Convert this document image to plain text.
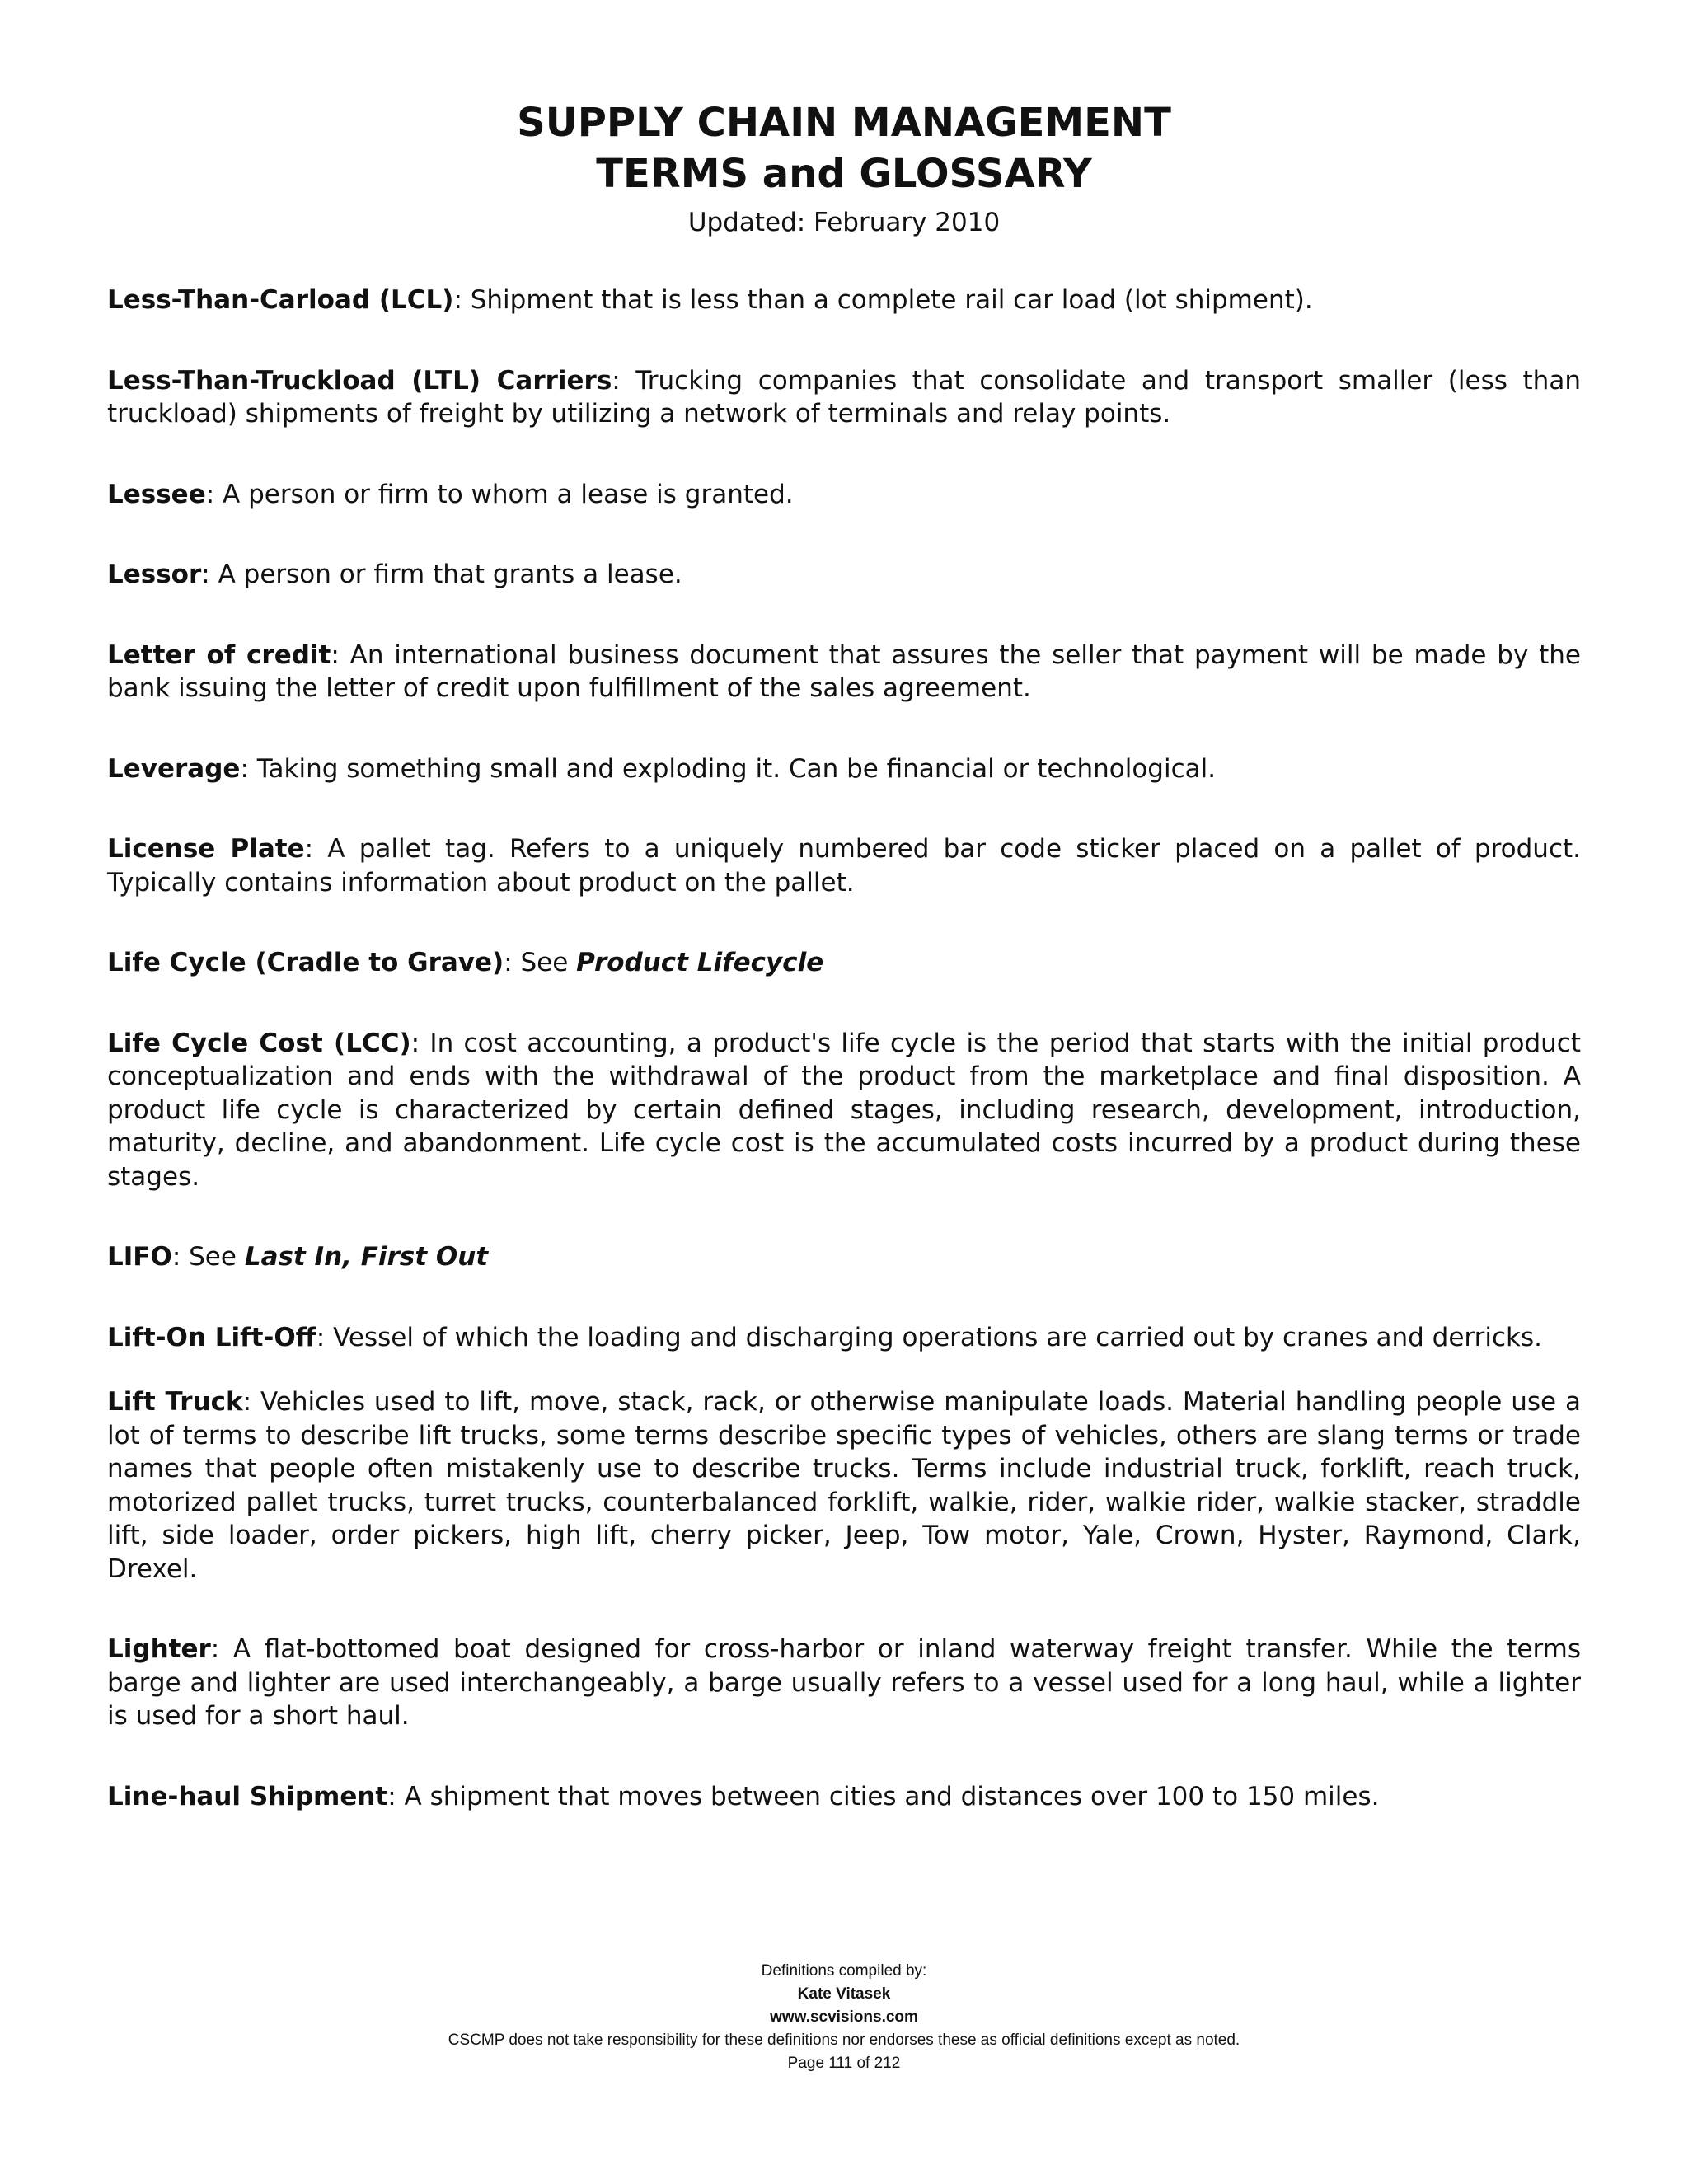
SUPPLY CHAIN MANAGEMENT
TERMS and GLOSSARY
Updated: February 2010

Less-Than-Carload (LCL): Shipment that is less than a complete rail car load (lot shipment).

Less-Than-Truckload (LTL) Carriers: Trucking companies that consolidate and transport smaller (less than truckload) shipments of freight by utilizing a network of terminals and relay points.

Lessee: A person or firm to whom a lease is granted.

Lessor: A person or firm that grants a lease.

Letter of credit: An international business document that assures the seller that payment will be made by the bank issuing the letter of credit upon fulfillment of the sales agreement.

Leverage: Taking something small and exploding it. Can be financial or technological.

License Plate: A pallet tag. Refers to a uniquely numbered bar code sticker placed on a pallet of product. Typically contains information about product on the pallet.

Life Cycle (Cradle to Grave): See Product Lifecycle

Life Cycle Cost (LCC): In cost accounting, a product's life cycle is the period that starts with the initial product conceptualization and ends with the withdrawal of the product from the marketplace and final disposition. A product life cycle is characterized by certain defined stages, including research, development, introduction, maturity, decline, and abandonment. Life cycle cost is the accumulated costs incurred by a product during these stages.

LIFO: See Last In, First Out

Lift-On Lift-Off: Vessel of which the loading and discharging operations are carried out by cranes and derricks.

Lift Truck: Vehicles used to lift, move, stack, rack, or otherwise manipulate loads. Material handling people use a lot of terms to describe lift trucks, some terms describe specific types of vehicles, others are slang terms or trade names that people often mistakenly use to describe trucks. Terms include industrial truck, forklift, reach truck, motorized pallet trucks, turret trucks, counterbalanced forklift, walkie, rider, walkie rider, walkie stacker, straddle lift, side loader, order pickers, high lift, cherry picker, Jeep, Tow motor, Yale, Crown, Hyster, Raymond, Clark, Drexel.

Lighter: A flat-bottomed boat designed for cross-harbor or inland waterway freight transfer. While the terms barge and lighter are used interchangeably, a barge usually refers to a vessel used for a long haul, while a lighter is used for a short haul.

Line-haul Shipment: A shipment that moves between cities and distances over 100 to 150 miles.

Definitions compiled by:
Kate Vitasek
www.scvisions.com
CSCMP does not take responsibility for these definitions nor endorses these as official definitions except as noted.
Page 111 of 212
